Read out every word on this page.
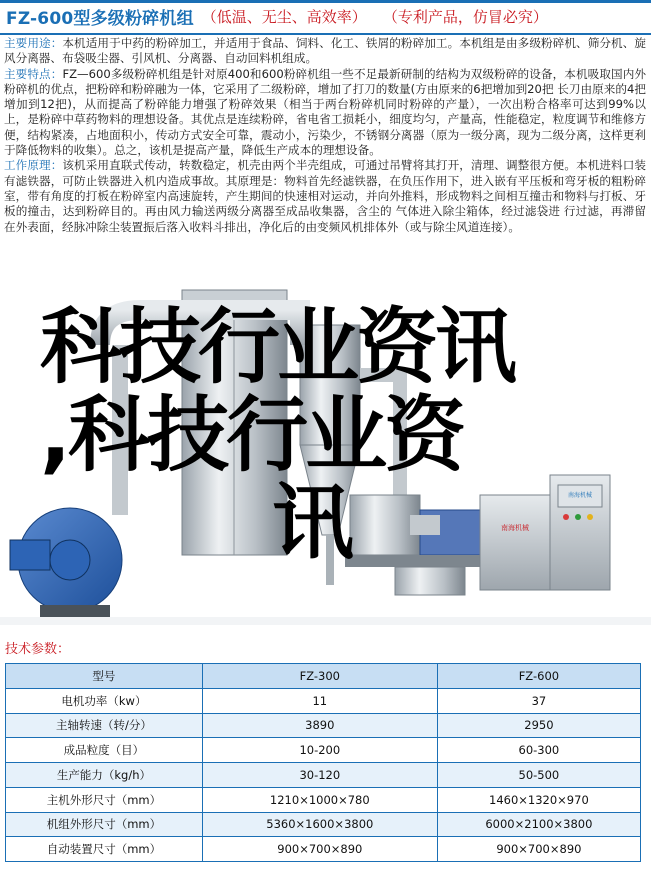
FZ-600型多级粉碎机组 （低温、无尘、高效率） （专利产品，仿冒必究）

主要用途：本机适用于中药的粉碎加工，并适用于食品、饲料、化工、铁屑的粉碎加工。本机组是由多级粉碎机、筛分机、旋风分离器、布袋吸尘器、引风机、分离器、自动回料机组成。

主要特点：FZ—600多级粉碎机组是针对原400和600粉碎机组一些不足最新研制的结构为双级粉碎的设备，本机吸取国内外粉碎机的优点，把粉碎和粉碎融为一体，它采用了二级粉碎，增加了打刀的数量(方由原来的6把增加到20把 长刀由原来的4把增加到12把)，从而提高了粉碎能力增强了粉碎效果（相当于两台粉碎机同时粉碎的产量），一次出粉合格率可达到99%以上，是粉碎中草药物料的理想设备。其优点是连续粉碎，省电省工损耗小，细度均匀，产量高，性能稳定，粒度调节和维修方便，结构紧凑，占地面积小，传动方式安全可靠，震动小，污染少，不锈钢分离器（原为一级分离，现为二级分离，这样更利于降低物料的收集）。总之，该机是提高产量，降低生产成本的理想设备。

工作原理：该机采用直联式传动，转数稳定，机壳由两个半壳组成，可通过吊臂将其打开，清理、调整很方便。本机进料口装有滤铁器，可防止铁器进入机内造成事故。其原理是：物料首先经滤铁器，在负压作用下，进入嵌有平压板和弯牙板的粗粉碎室，带有角度的打板在粉碎室内高速旋转，产生期间的快速相对运动，并向外推料，形成物料之间相互撞击和物料与打板、牙板的撞击，达到粉碎目的。再由风力输送两级分离器至成品收集器，含尘的 气体进入除尘箱体，经过滤袋进 行过滤，再滞留在外表面，经脉冲除尘装置振后落入收料斗排出，净化后的由变频风机排体外（或与除尘风道连接）。

南海机械
南海机械
科技行业资讯
,科技行业资
讯
技术参数：
型号	FZ-300	FZ-600
电机功率（kw）	11	37
主轴转速（转/分）	3890	2950
成品粒度（目）	10-200	60-300
生产能力（kg/h）	30-120	50-500
主机外形尺寸（mm）	1210×1000×780	1460×1320×970
机组外形尺寸（mm）	5360×1600×3800	6000×2100×3800
自动装置尺寸（mm）	900×700×890	900×700×890
